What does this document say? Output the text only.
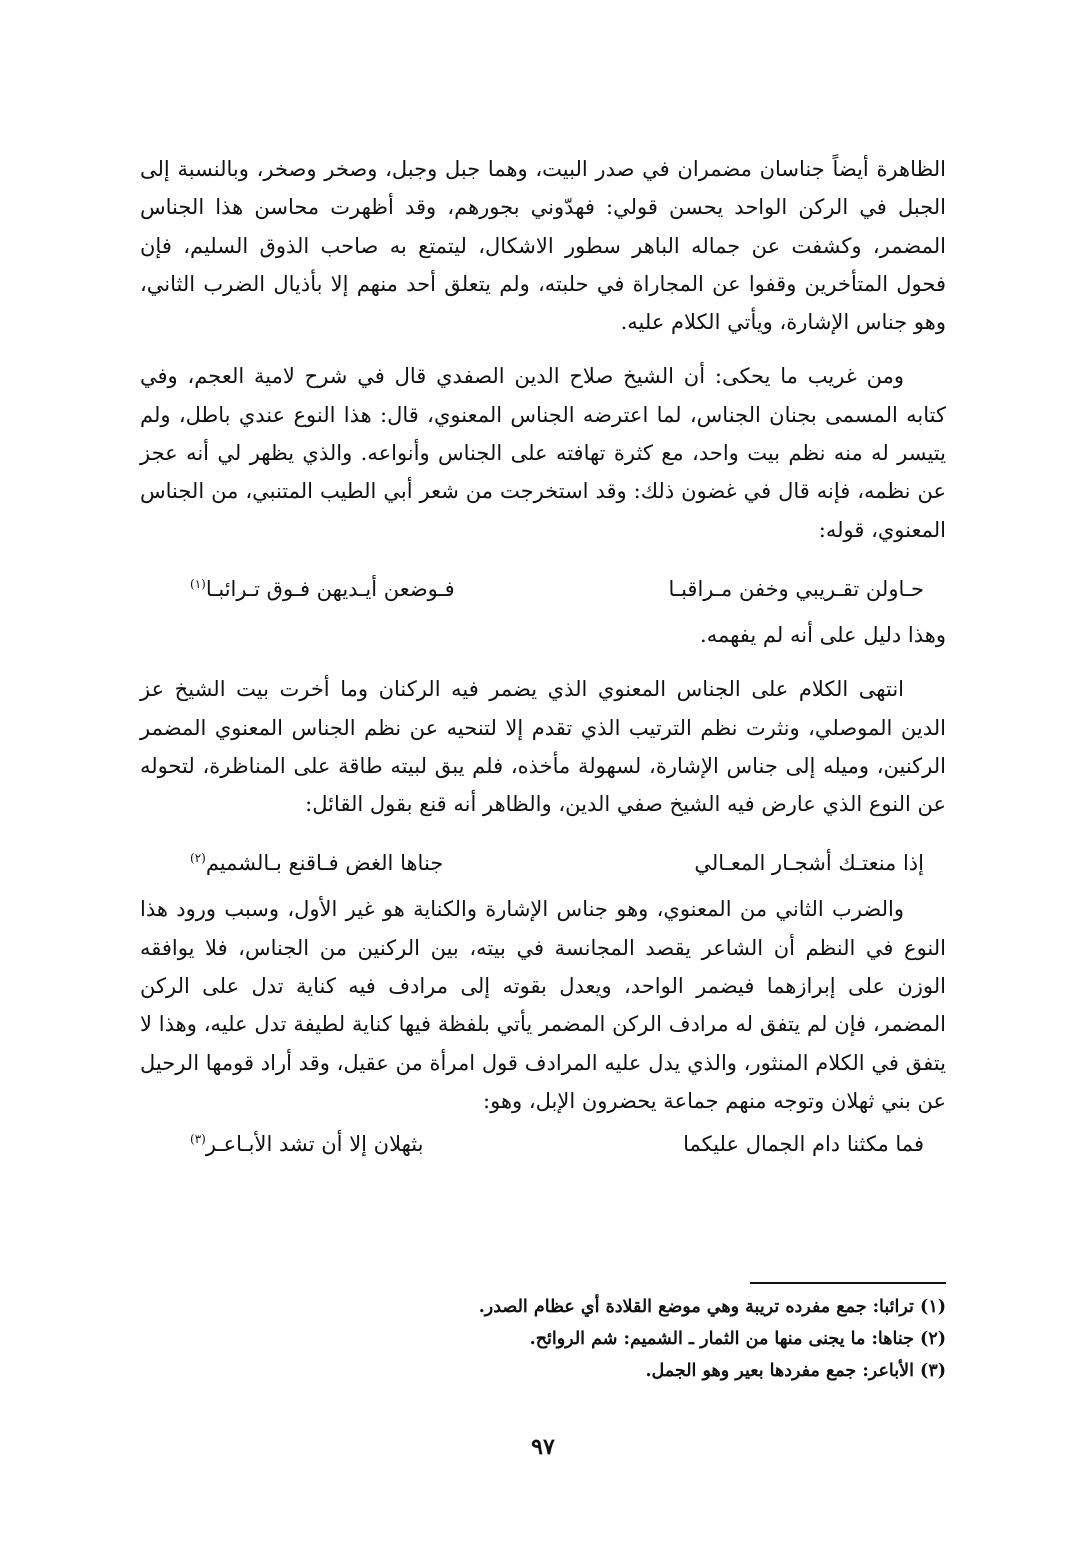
الظاهرة أيضاً جناسان مضمران في صدر البيت، وهما جبل وجبل، وصخر وصخر، وبالنسبة إلى الجبل في الركن الواحد يحسن قولي: فهدّوني بجورهم، وقد أظهرت محاسن هذا الجناس المضمر، وكشفت عن جماله الباهر سطور الاشكال، ليتمتع به صاحب الذوق السليم، فإن فحول المتأخرين وقفوا عن المجاراة في حلبته، ولم يتعلق أحد منهم إلا بأذيال الضرب الثاني، وهو جناس الإشارة، ويأتي الكلام عليه.

ومن غريب ما يحكى: أن الشيخ صلاح الدين الصفدي قال في شرح لامية العجم، وفي كتابه المسمى بجنان الجناس، لما اعترضه الجناس المعنوي، قال: هذا النوع عندي باطل، ولم يتيسر له منه نظم بيت واحد، مع كثرة تهافته على الجناس وأنواعه. والذي يظهر لي أنه عجز عن نظمه، فإنه قال في غضون ذلك: وقد استخرجت من شعر أبي الطيب المتنبي، من الجناس المعنوي، قوله:

حـاولن تقـريبي وخفن مـراقبـا
فـوضعن أيـديهن فـوق تـرائبـا$^{(١)}$

وهذا دليل على أنه لم يفهمه.

انتهى الكلام على الجناس المعنوي الذي يضمر فيه الركنان وما أخرت بيت الشيخ عز الدين الموصلي، ونثرت نظم الترتيب الذي تقدم إلا لتنحيه عن نظم الجناس المعنوي المضمر الركنين، وميله إلى جناس الإشارة، لسهولة مأخذه، فلم يبق لبيته طاقة على المناظرة، لتحوله عن النوع الذي عارض فيه الشيخ صفي الدين، والظاهر أنه قنع بقول القائل:

إذا منعتـك أشجـار المعـالي
جناها الغض فـاقنع بـالشميم$^{(٢)}$

والضرب الثاني من المعنوي، وهو جناس الإشارة والكناية هو غير الأول، وسبب ورود هذا النوع في النظم أن الشاعر يقصد المجانسة في بيته، بين الركنين من الجناس، فلا يوافقه الوزن على إبرازهما فيضمر الواحد، ويعدل بقوته إلى مرادف فيه كناية تدل على الركن المضمر، فإن لم يتفق له مرادف الركن المضمر يأتي بلفظة فيها كناية لطيفة تدل عليه، وهذا لا يتفق في الكلام المنثور، والذي يدل عليه المرادف قول امرأة من عقيل، وقد أراد قومها الرحيل عن بني ثهلان وتوجه منهم جماعة يحضرون الإبل، وهو:

فما مكثنا دام الجمال عليكما
بثهلان إلا أن تشد الأبـاعـر$^{(٣)}$
(١) ترائبا: جمع مفرده تريبة وهي موضع القلادة أي عظام الصدر.
(٢) جناها: ما يجنى منها من الثمار ـ الشميم: شم الروائح.
(٣) الأباعر: جمع مفردها بعير وهو الجمل.
٩٧
